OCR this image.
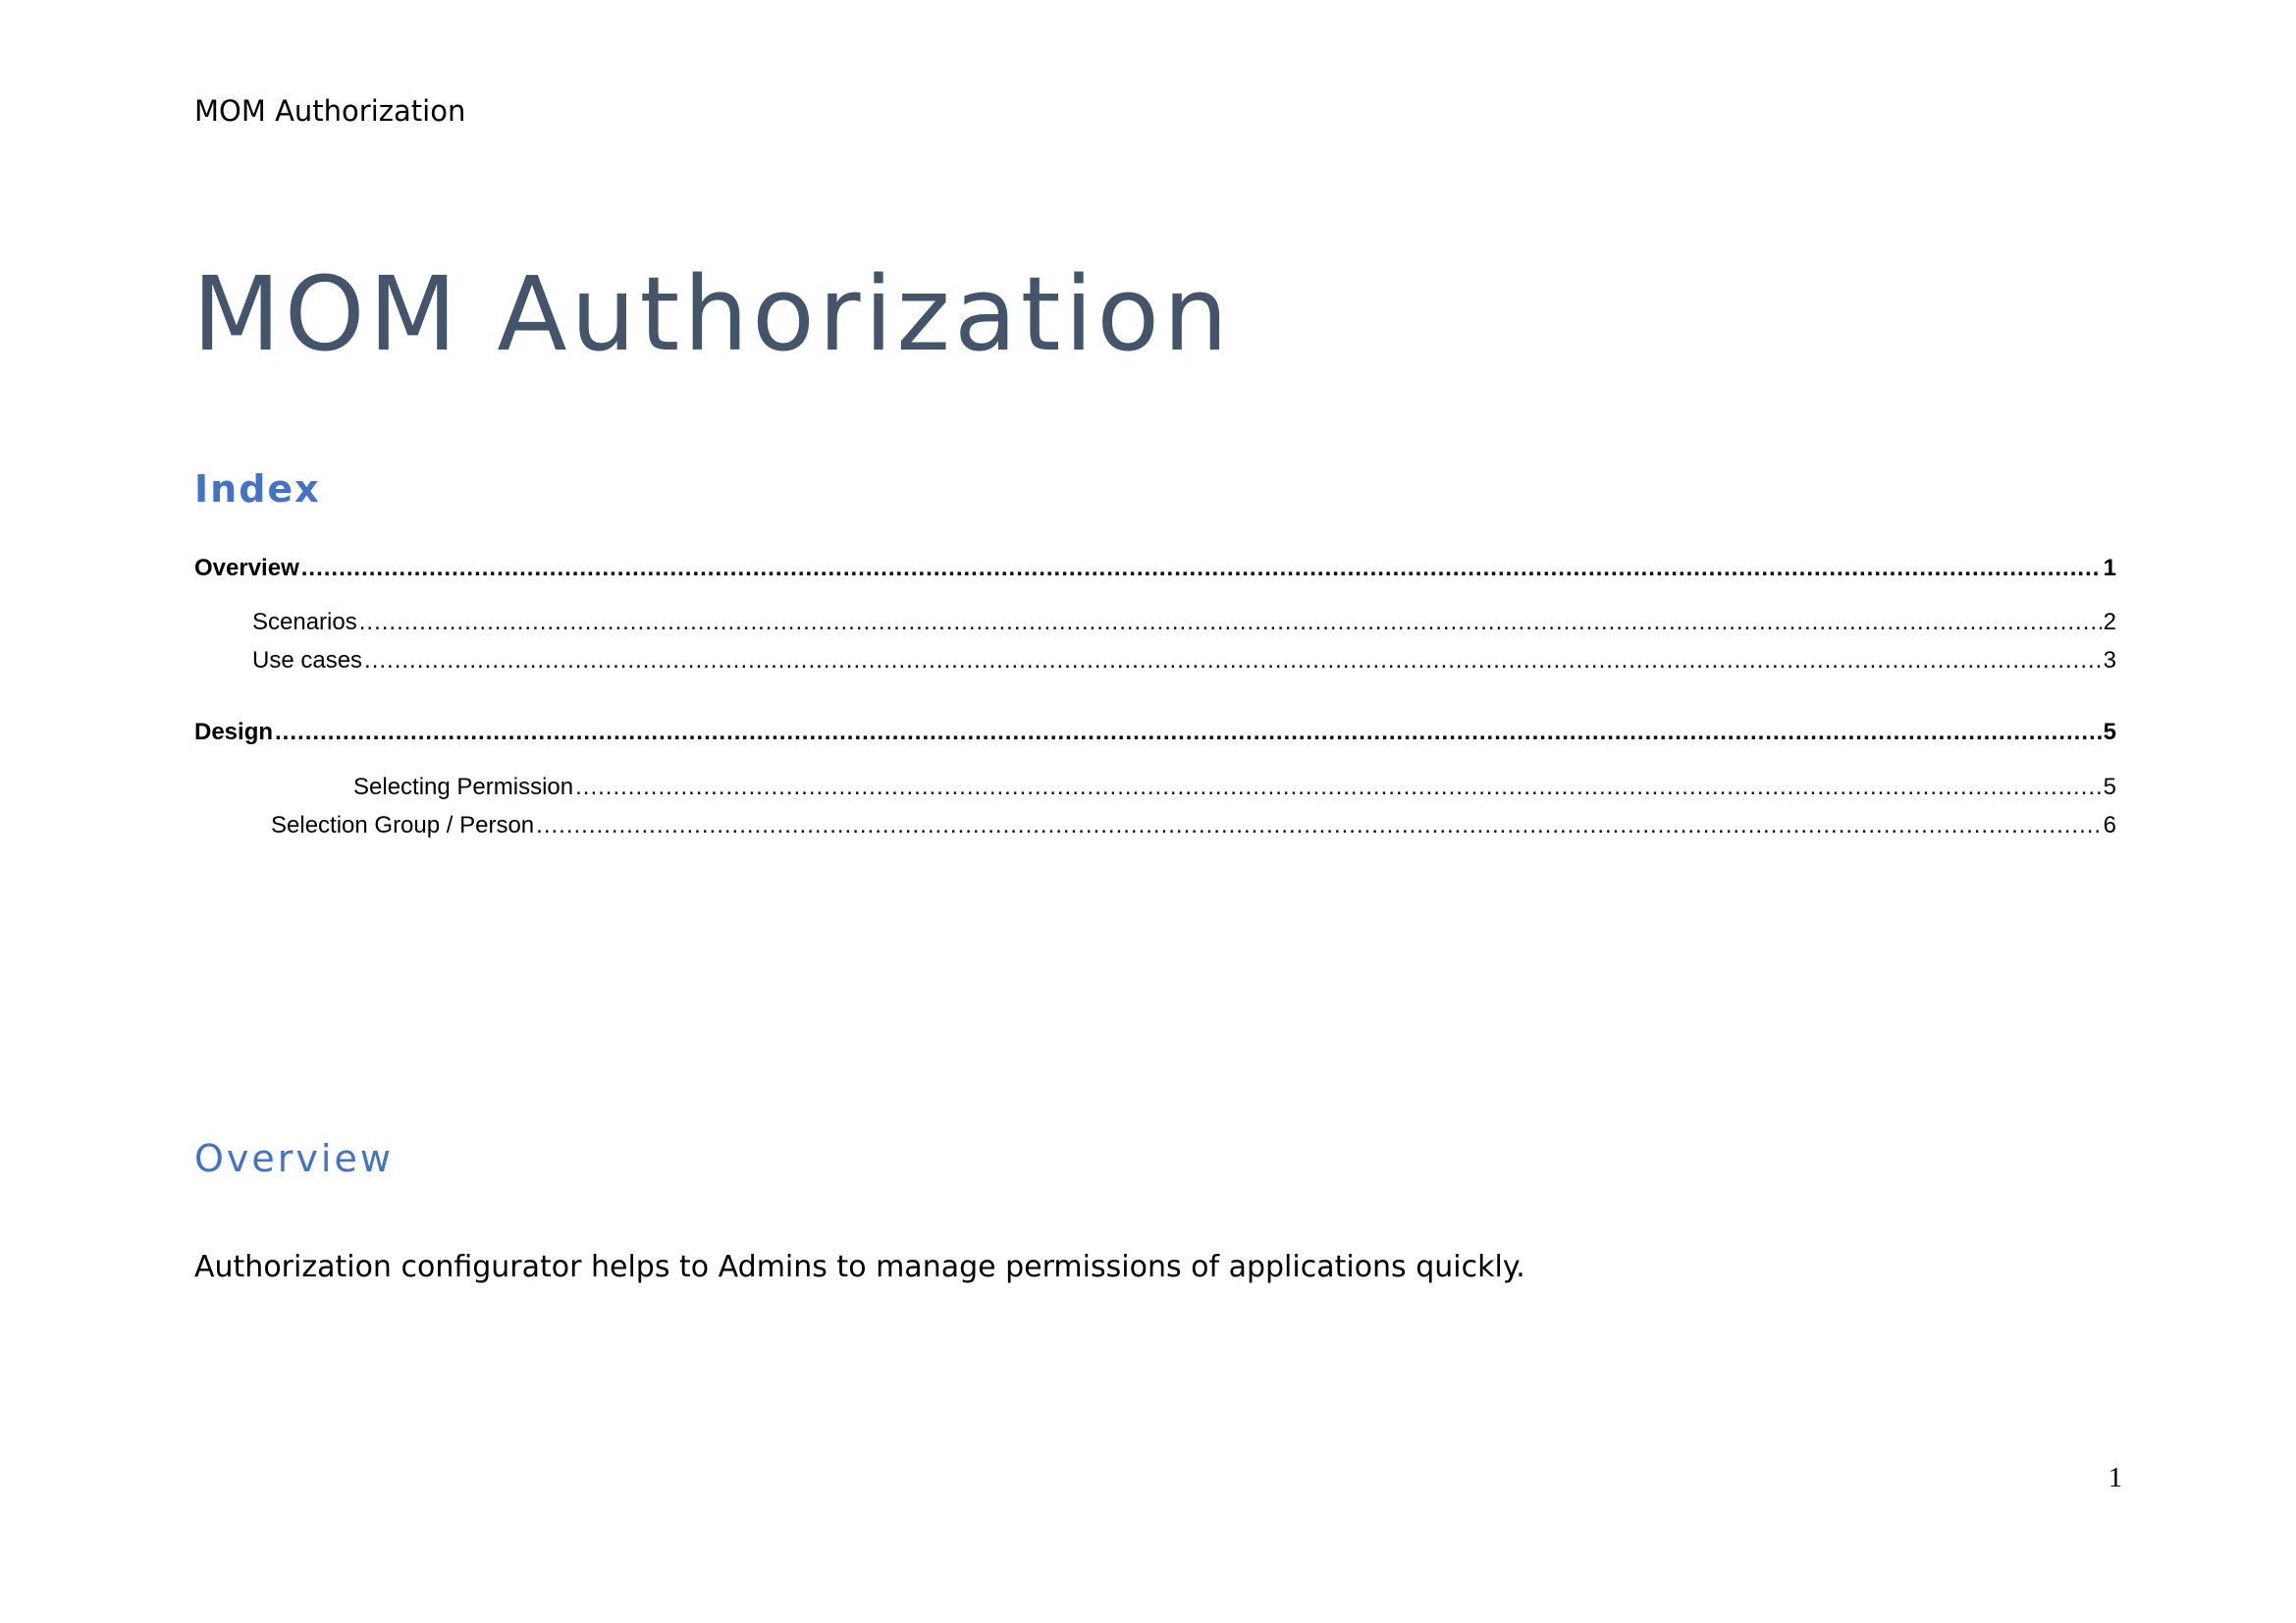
MOM Authorization
MOM Authorization
Index
Overview .....	1
Scenarios .....	2
Use cases .....	3
Design .....	5
Selecting Permission .....	5
Selection Group / Person .....	6
Overview

Authorization configurator helps to Admins to manage permissions of applications quickly.

1
